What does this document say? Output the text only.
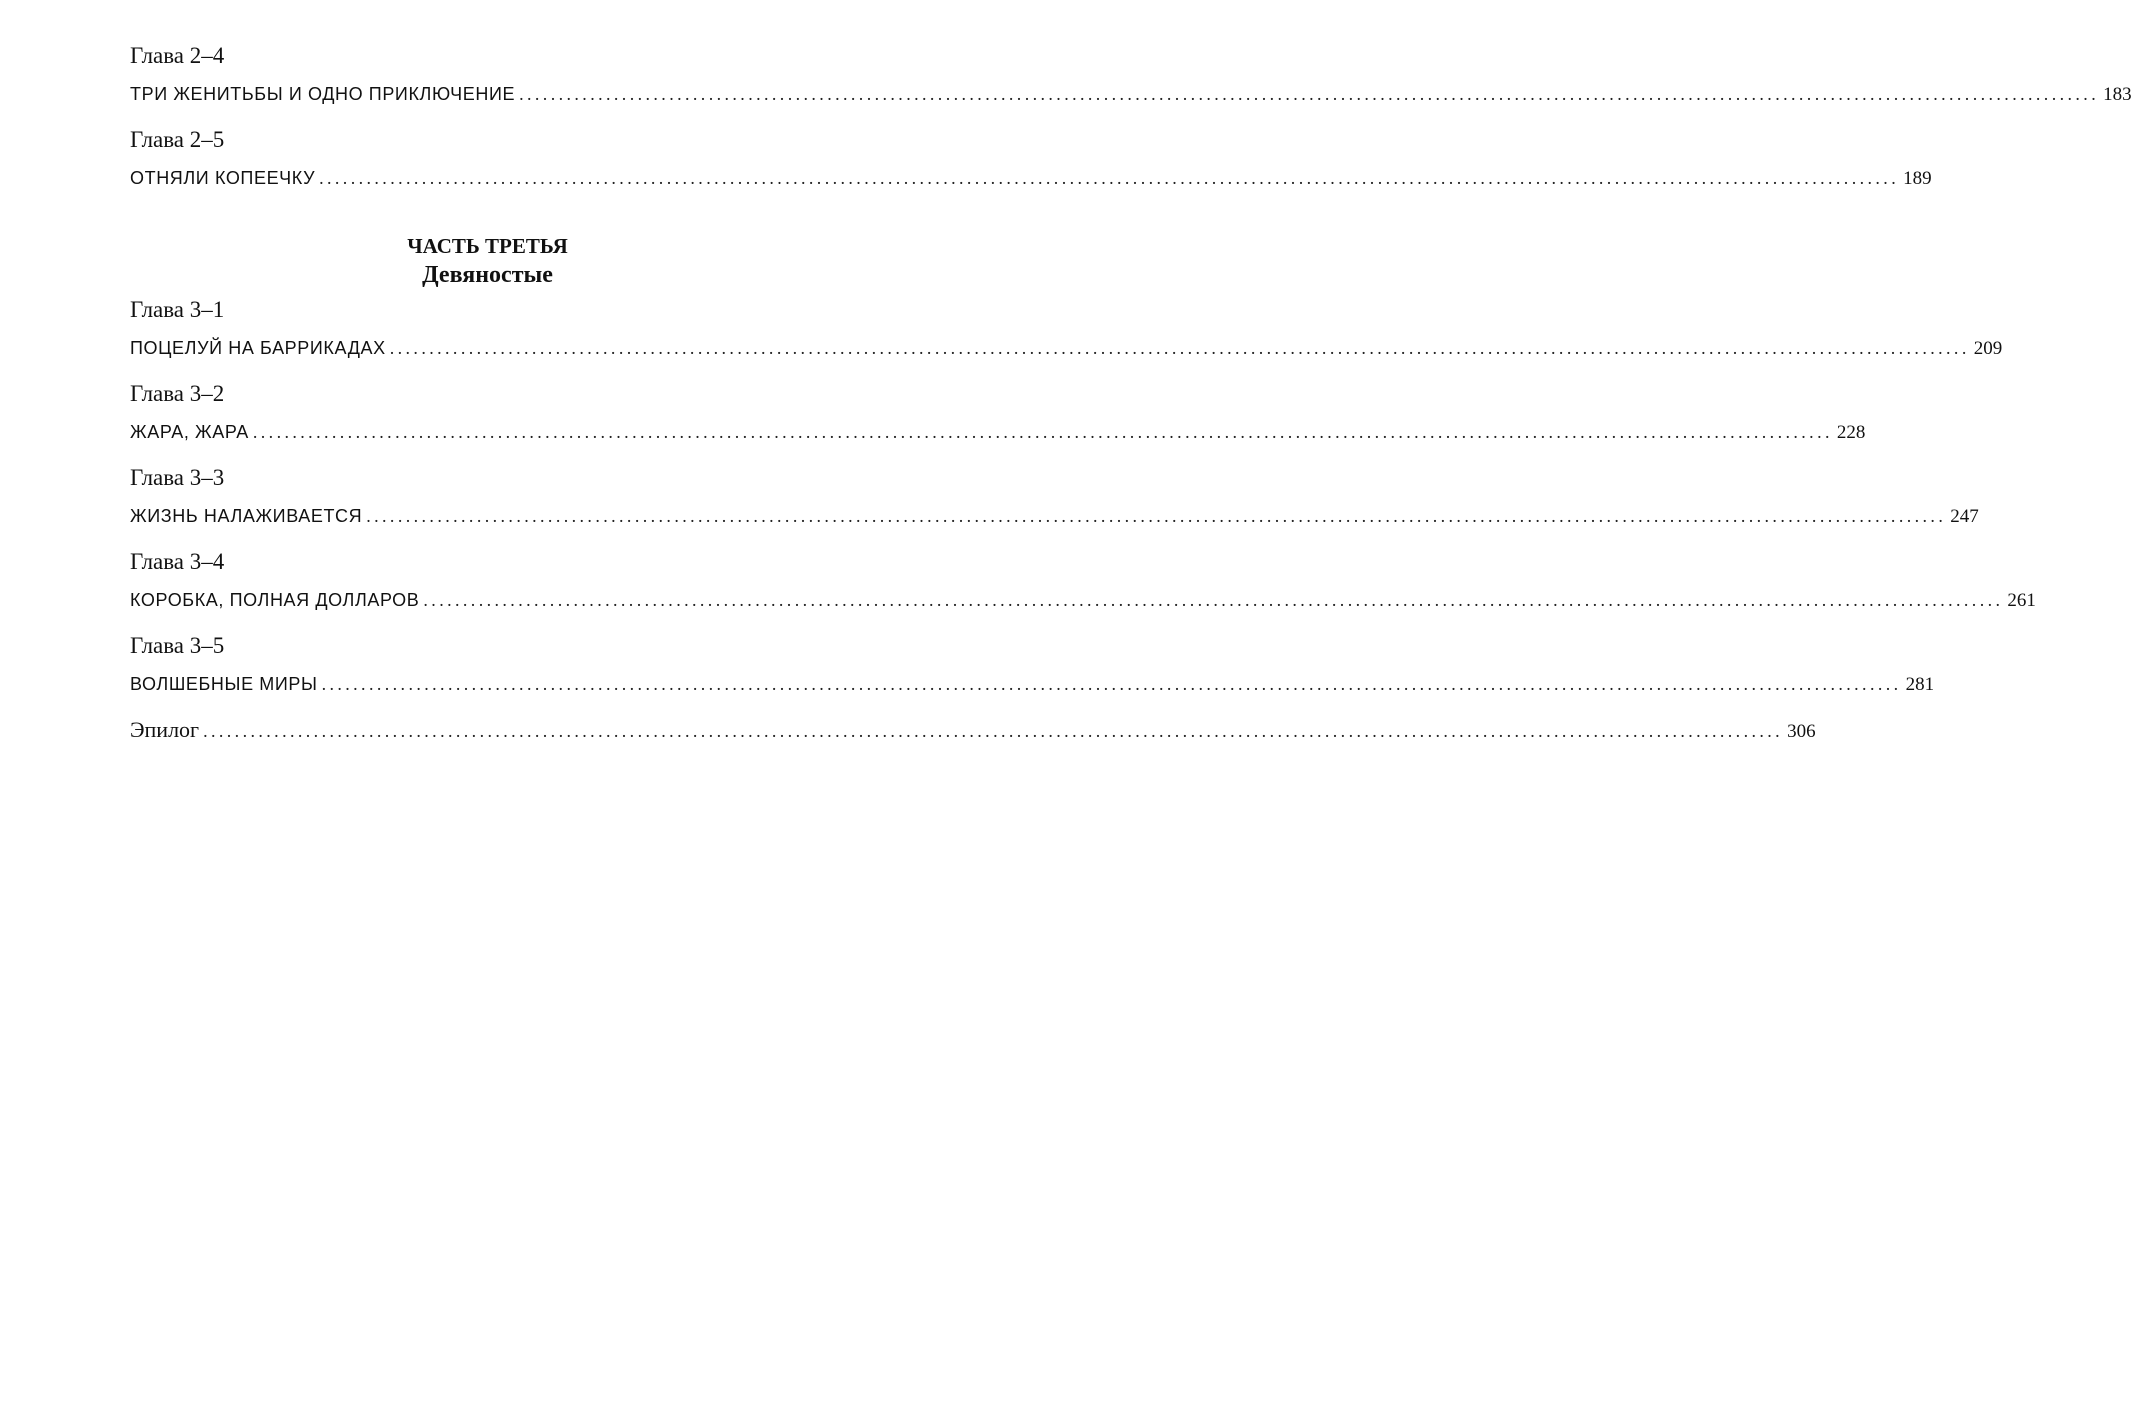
Глава 2–4

ТРИ ЖЕНИТЬБЫ И ОДНО ПРИКЛЮЧЕНИЕ ........................................................................................................................................................................................................ 183

Глава 2–5

ОТНЯЛИ КОПЕЕЧКУ ........................................................................................................................................................................................................ 189

ЧАСТЬ ТРЕТЬЯ

Девяностые

Глава 3–1

ПОЦЕЛУЙ НА БАРРИКАДАХ ........................................................................................................................................................................................................ 209

Глава 3–2

ЖАРА, ЖАРА ........................................................................................................................................................................................................ 228

Глава 3–3

ЖИЗНЬ НАЛАЖИВАЕТСЯ ........................................................................................................................................................................................................ 247

Глава 3–4

КОРОБКА, ПОЛНАЯ ДОЛЛАРОВ ........................................................................................................................................................................................................ 261

Глава 3–5

ВОЛШЕБНЫЕ МИРЫ ........................................................................................................................................................................................................ 281
Эпилог ........................................................................................................................................................................................................ 306
